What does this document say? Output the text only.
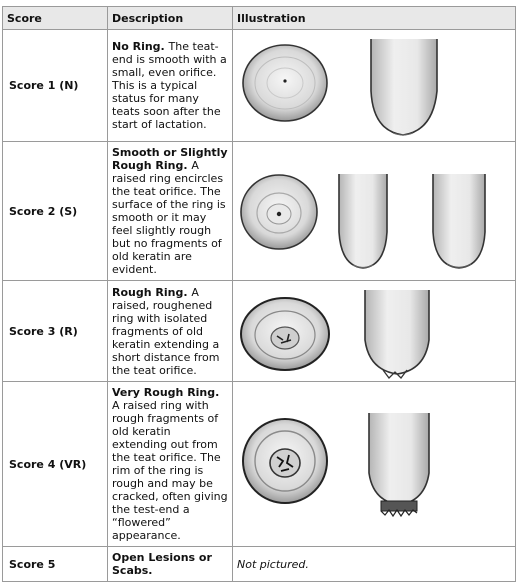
Score	Description	Illustration
Score 1 (N)	No Ring. The teat-end is smooth with a small, even orifice. This is a typical status for many teats soon after the start of lactation.	

Score 2 (S)	Smooth or Slightly Rough Ring. A raised ring encircles the teat orifice. The surface of the ring is smooth or it may feel slightly rough but no fragments of old keratin are evident.	

Score 3 (R)	Rough Ring. A raised, roughened ring with isolated fragments of old keratin extending a short distance from the teat orifice.	

Score 4 (VR)	Very Rough Ring. A raised ring with rough fragments of old keratin extending out from the teat orifice. The rim of the ring is rough and may be cracked, often giving the test-end a “flowered” appearance.	

Score 5	Open Lesions or Scabs.	Not pictured.
